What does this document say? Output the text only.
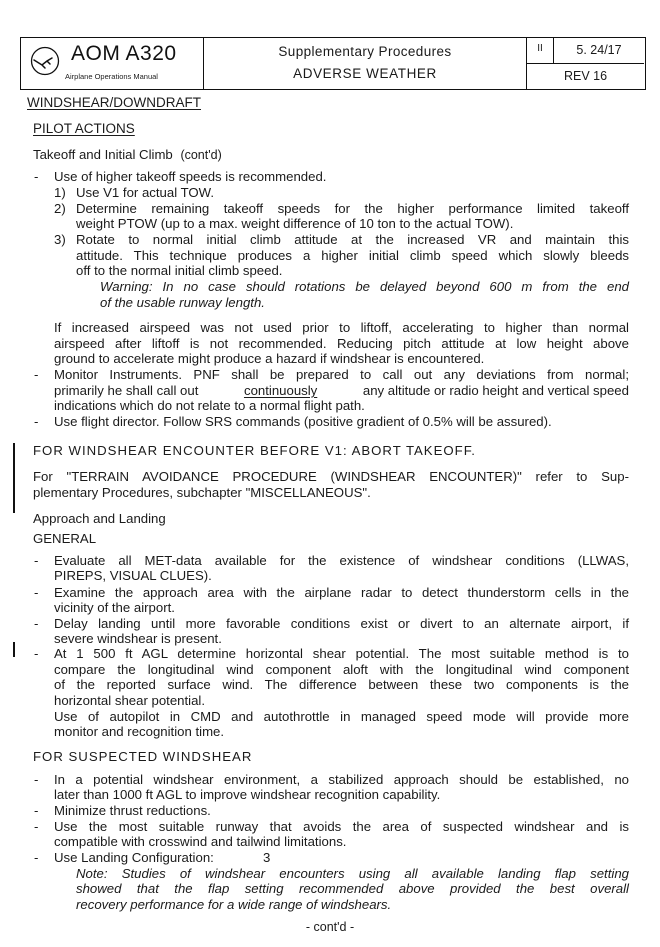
AOM A320
Airplane Operations Manual
Supplementary Procedures
ADVERSE WEATHER
II	5. 24/17
REV 16
WINDSHEAR/DOWNDRAFT
PILOT ACTIONS
Takeoff and Initial Climb (cont'd)
- Use of higher takeoff speeds is recommended.
1) Use V1 for actual TOW.
2) Determine remaining takeoff speeds for the higher performance limited takeoff
weight PTOW (up to a max. weight difference of 10 ton to the actual TOW).
3) Rotate to normal initial climb attitude at the increased VR and maintain this
attitude. This technique produces a higher initial climb speed which slowly bleeds
off to the normal initial climb speed.
Warning: In no case should rotations be delayed beyond 600 m from the end
of the usable runway length.
If increased airspeed was not used prior to liftoff, accelerating to higher than normal
airspeed after liftoff is not recommended. Reducing pitch attitude at low height above
ground to accelerate might produce a hazard if windshear is encountered.
- Monitor Instruments. PNF shall be prepared to call out any deviations from normal;
primarily he shall call out	continuously	any altitude or radio height and vertical speed
indications which do not relate to a normal flight path.
- Use flight director. Follow SRS commands (positive gradient of 0.5% will be assured).
FOR WINDSHEAR ENCOUNTER BEFORE V1: ABORT TAKEOFF.
For "TERRAIN AVOIDANCE PROCEDURE (WINDSHEAR ENCOUNTER)" refer to Sup-
plementary Procedures, subchapter "MISCELLANEOUS".
Approach and Landing
GENERAL
- Evaluate all MET-data available for the existence of windshear conditions (LLWAS,
PIREPS, VISUAL CLUES).
- Examine the approach area with the airplane radar to detect thunderstorm cells in the
vicinity of the airport.
- Delay landing until more favorable conditions exist or divert to an alternate airport, if
severe windshear is present.
- At 1 500 ft AGL determine horizontal shear potential. The most suitable method is to
compare the longitudinal wind component aloft with the longitudinal wind component
of the reported surface wind. The difference between these two components is the
horizontal shear potential.
Use of autopilot in CMD and autothrottle in managed speed mode will provide more
monitor and recognition time.
FOR SUSPECTED WINDSHEAR
- In a potential windshear environment, a stabilized approach should be established, no
later than 1000 ft AGL to improve windshear recognition capability.
- Minimize thrust reductions.
- Use the most suitable runway that avoids the area of suspected windshear and is
compatible with crosswind and tailwind limitations.
- Use Landing Configuration:	3
Note: Studies of windshear encounters using all available landing flap setting
showed that the flap setting recommended above provided the best overall
recovery performance for a wide range of windshears.
- cont'd -
